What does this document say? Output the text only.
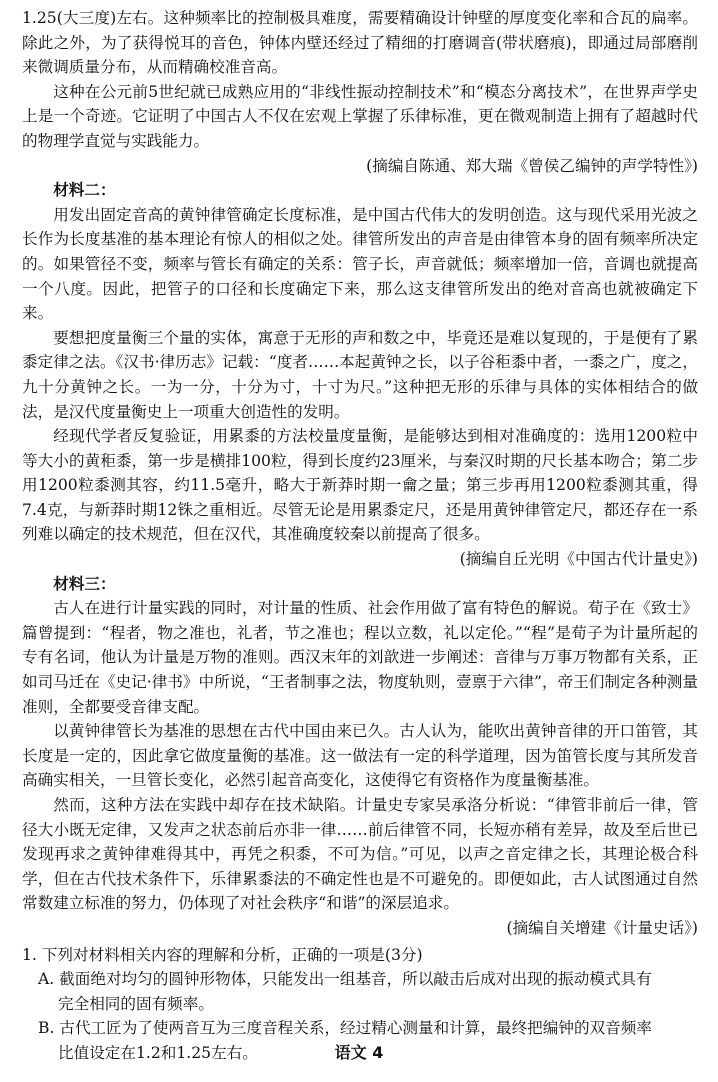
1.25(大三度)左右。这种频率比的控制极具难度，需要精确设计钟壁的厚度变化率和合瓦的扁率。除此之外，为了获得悦耳的音色，钟体内壁还经过了精细的打磨调音(带状磨痕)，即通过局部磨削来微调质量分布，从而精确校准音高。

这种在公元前5世纪就已成熟应用的“非线性振动控制技术”和“模态分离技术”，在世界声学史上是一个奇迹。它证明了中国古人不仅在宏观上掌握了乐律标准，更在微观制造上拥有了超越时代的物理学直觉与实践能力。

(摘编自陈通、郑大瑞《曾侯乙编钟的声学特性》)

材料二：

用发出固定音高的黄钟律管确定长度标准，是中国古代伟大的发明创造。这与现代采用光波之长作为长度基准的基本理论有惊人的相似之处。律管所发出的声音是由律管本身的固有频率所决定的。如果管径不变，频率与管长有确定的关系：管子长，声音就低；频率增加一倍，音调也就提高一个八度。因此，把管子的口径和长度确定下来，那么这支律管所发出的绝对音高也就被确定下来。

要想把度量衡三个量的实体，寓意于无形的声和数之中，毕竟还是难以复现的，于是便有了累黍定律之法。《汉书·律历志》记载：“度者……本起黄钟之长，以子谷秬黍中者，一黍之广，度之，九十分黄钟之长。一为一分，十分为寸，十寸为尺。”这种把无形的乐律与具体的实体相结合的做法，是汉代度量衡史上一项重大创造性的发明。

经现代学者反复验证，用累黍的方法校量度量衡，是能够达到相对准确度的：选用1200粒中等大小的黄秬黍，第一步是横排100粒，得到长度约23厘米，与秦汉时期的尺长基本吻合；第二步用1200粒黍测其容，约11.5毫升，略大于新莽时期一龠之量；第三步再用1200粒黍测其重，得7.4克，与新莽时期12铢之重相近。尽管无论是用累黍定尺，还是用黄钟律管定尺，都还存在一系列难以确定的技术规范，但在汉代，其准确度较秦以前提高了很多。

(摘编自丘光明《中国古代计量史》)

材料三：

古人在进行计量实践的同时，对计量的性质、社会作用做了富有特色的解说。荀子在《致士》篇曾提到：“程者，物之准也，礼者，节之准也；程以立数，礼以定伦。”“程”是荀子为计量所起的专有名词，他认为计量是万物的准则。西汉末年的刘歆进一步阐述：音律与万事万物都有关系，正如司马迁在《史记·律书》中所说，“王者制事之法，物度轨则，壹禀于六律”，帝王们制定各种测量准则，全都要受音律支配。

以黄钟律管长为基准的思想在古代中国由来已久。古人认为，能吹出黄钟音律的开口笛管，其长度是一定的，因此拿它做度量衡的基准。这一做法有一定的科学道理，因为笛管长度与其所发音高确实相关，一旦管长变化，必然引起音高变化，这使得它有资格作为度量衡基准。

然而，这种方法在实践中却存在技术缺陷。计量史专家吴承洛分析说：“律管非前后一律，管径大小既无定律，又发声之状态前后亦非一律……前后律管不同，长短亦稍有差异，故及至后世已发现再求之黄钟律难得其中，再凭之积黍，不可为信。”可见，以声之音定律之长，其理论极合科学，但在古代技术条件下，乐律累黍法的不确定性也是不可避免的。即便如此，古人试图通过自然常数建立标准的努力，仍体现了对社会秩序“和谐”的深层追求。

(摘编自关增建《计量史话》)

1. 下列对材料相关内容的理解和分析，正确的一项是(3分)

A. 截面绝对均匀的圆钟形物体，只能发出一组基音，所以敲击后成对出现的振动模式具有

完全相同的固有频率。

B. 古代工匠为了使两音互为三度音程关系，经过精心测量和计算，最终把编钟的双音频率

比值设定在1.2和1.25左右。	语文 4
